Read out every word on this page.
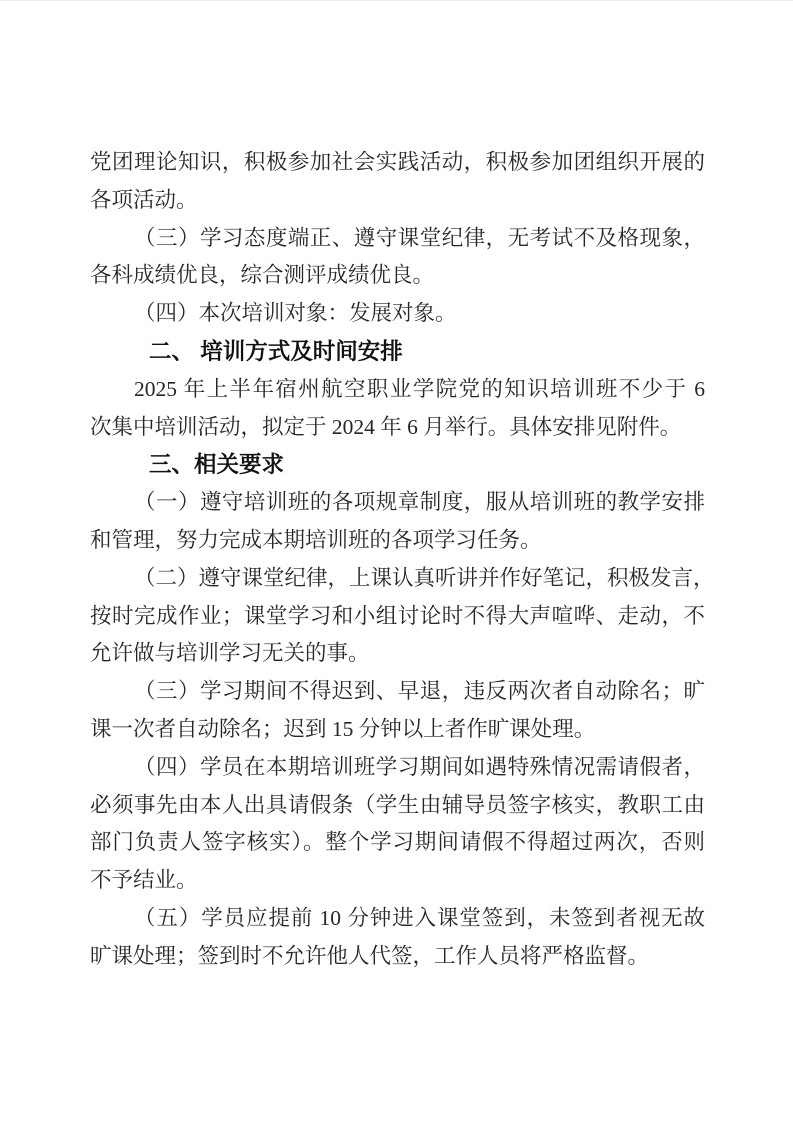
党团理论知识，积极参加社会实践活动，积极参加团组织开展的
各项活动。
（三）学习态度端正、遵守课堂纪律，无考试不及格现象，
各科成绩优良，综合测评成绩优良。
（四）本次培训对象：发展对象。
二、 培训方式及时间安排
2025 年上半年宿州航空职业学院党的知识培训班不少于 6
次集中培训活动，拟定于 2024 年 6 月举行。具体安排见附件。
三、相关要求
（一）遵守培训班的各项规章制度，服从培训班的教学安排
和管理，努力完成本期培训班的各项学习任务。
（二）遵守课堂纪律，上课认真听讲并作好笔记，积极发言，
按时完成作业；课堂学习和小组讨论时不得大声喧哗、走动，不
允许做与培训学习无关的事。
（三）学习期间不得迟到、早退，违反两次者自动除名；旷
课一次者自动除名；迟到 15 分钟以上者作旷课处理。
（四）学员在本期培训班学习期间如遇特殊情况需请假者，
必须事先由本人出具请假条（学生由辅导员签字核实，教职工由
部门负责人签字核实）。整个学习期间请假不得超过两次，否则
不予结业。
（五）学员应提前 10 分钟进入课堂签到，未签到者视无故
旷课处理；签到时不允许他人代签，工作人员将严格监督。
